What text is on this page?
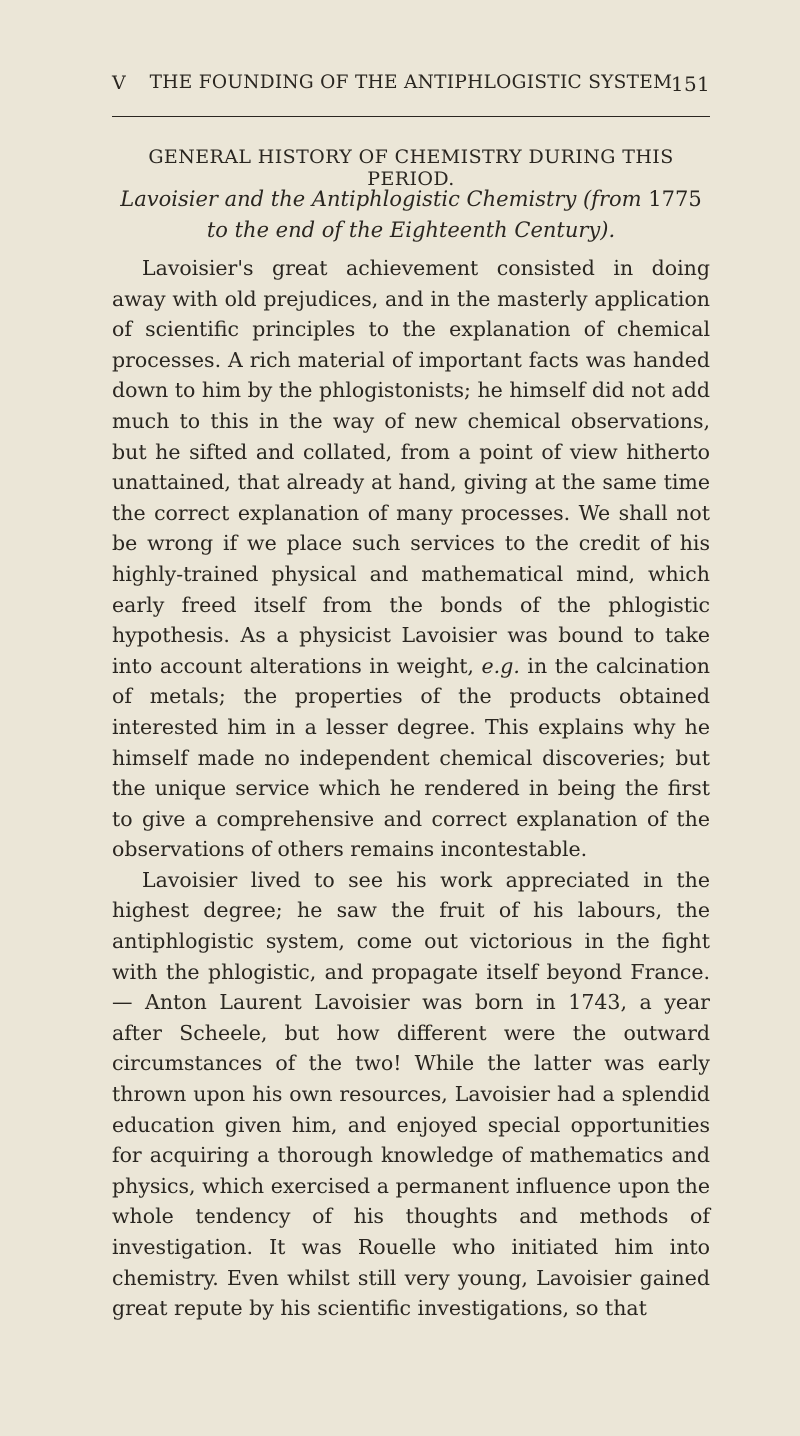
V	THE FOUNDING OF THE ANTIPHLOGISTIC SYSTEM
151
GENERAL HISTORY OF CHEMISTRY DURING THIS PERIOD.
Lavoisier and the Antiphlogistic Chemistry (from 1775 to the end of the Eighteenth Century).

Lavoisier's great achievement consisted in doing away with old prejudices, and in the masterly application of scientific principles to the explanation of chemical processes. A rich material of important facts was handed down to him by the phlogistonists; he himself did not add much to this in the way of new chemical observations, but he sifted and collated, from a point of view hitherto unattained, that already at hand, giving at the same time the correct explanation of many processes. We shall not be wrong if we place such services to the credit of his highly-trained physical and mathematical mind, which early freed itself from the bonds of the phlogistic hypothesis. As a physicist Lavoisier was bound to take into account alterations in weight, e.g. in the calcination of metals; the properties of the products obtained interested him in a lesser degree. This explains why he himself made no independent chemical discoveries; but the unique service which he rendered in being the first to give a comprehensive and correct explanation of the observations of others remains incontestable.

Lavoisier lived to see his work appreciated in the highest degree; he saw the fruit of his labours, the antiphlogistic system, come out victorious in the fight with the phlogistic, and propagate itself beyond France. — Anton Laurent Lavoisier was born in 1743, a year after Scheele, but how different were the outward circumstances of the two! While the latter was early thrown upon his own resources, Lavoisier had a splendid education given him, and enjoyed special opportunities for acquiring a thorough knowledge of mathematics and physics, which exercised a permanent influence upon the whole tendency of his thoughts and methods of investigation. It was Rouelle who initiated him into chemistry. Even whilst still very young, Lavoisier gained great repute by his scientific investigations, so that
